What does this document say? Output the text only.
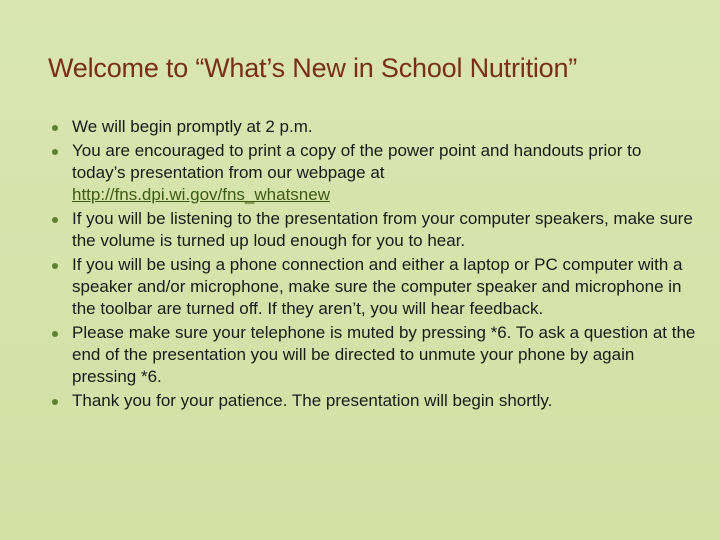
Welcome to “What’s New in School Nutrition”
We will begin promptly at 2 p.m.
You are encouraged to print a copy of the power point and handouts prior to today’s presentation from our webpage at
http://fns.dpi.wi.gov/fns_whatsnew
If you will be listening to the presentation from your computer speakers, make sure the volume is turned up loud enough for you to hear.
If you will be using a phone connection and either a laptop or PC computer with a speaker and/or microphone, make sure the computer speaker and microphone in the toolbar are turned off. If they aren’t, you will hear feedback.
Please make sure your telephone is muted by pressing *6. To ask a question at the end of the presentation you will be directed to unmute your phone by again pressing *6.
Thank you for your patience. The presentation will begin shortly.
